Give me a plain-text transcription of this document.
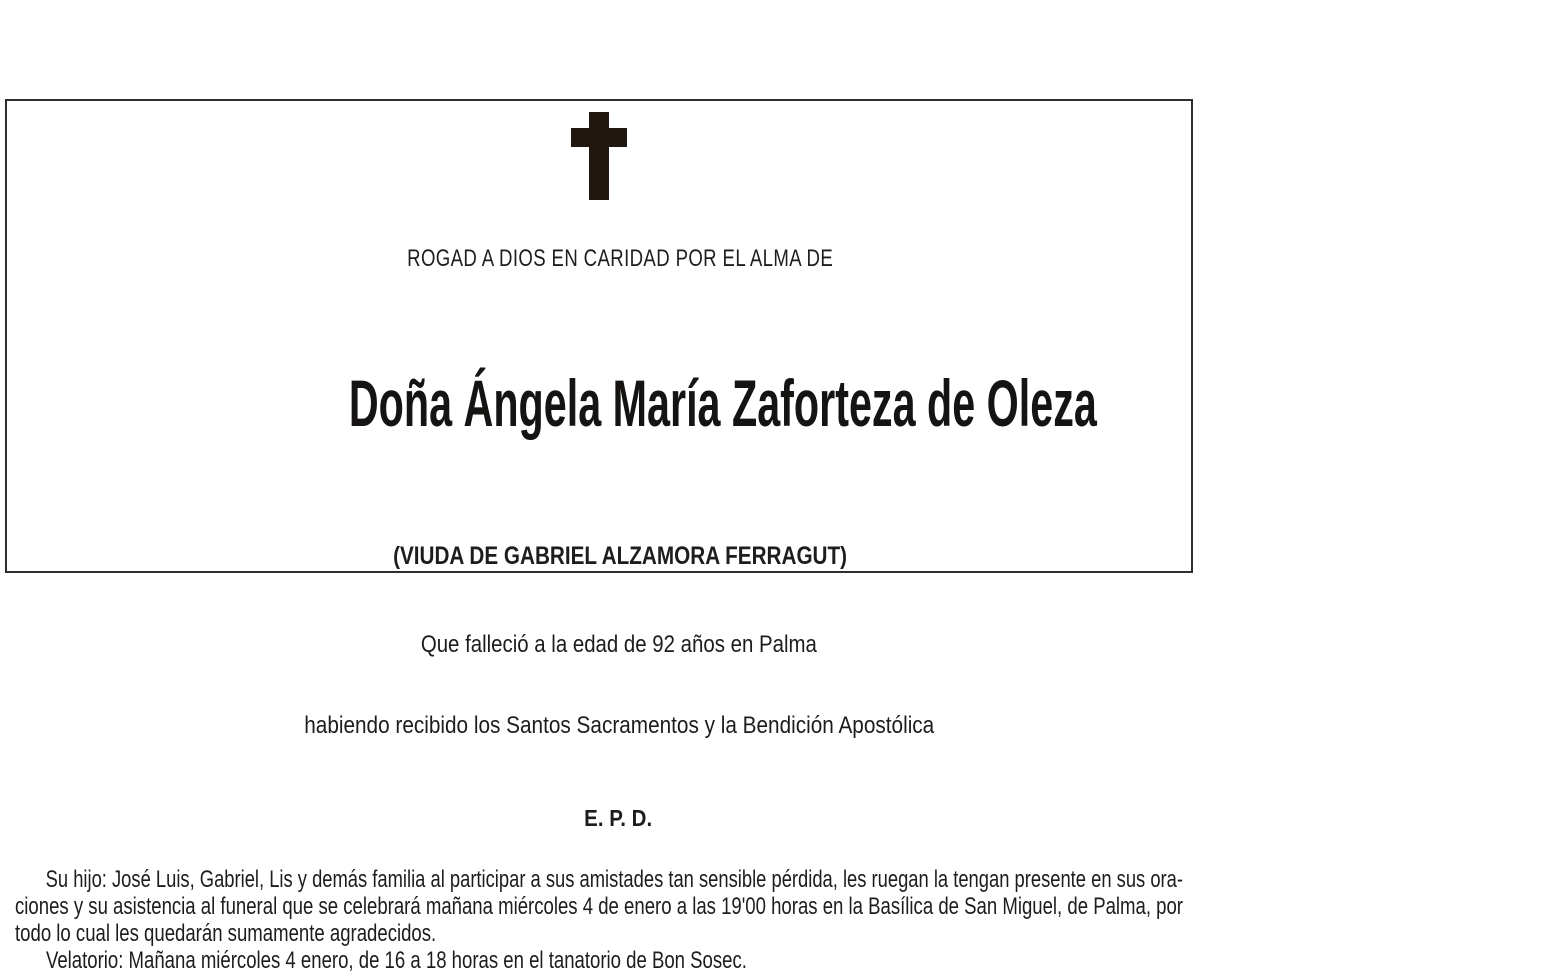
ROGAD A DIOS EN CARIDAD POR EL ALMA DE

Doña Ángela María Zaforteza de Oleza

(VIUDA DE GABRIEL ALZAMORA FERRAGUT)

Que falleció a la edad de 92 años en Palma

habiendo recibido los Santos Sacramentos y la Bendición Apostólica

E. P. D.

Su hijo: José Luis, Gabriel, Lis y demás familia al participar a sus amistades tan sensible pérdida, les ruegan la tengan presente en sus ora-
ciones y su asistencia al funeral que se celebrará mañana miércoles 4 de enero a las 19'00 horas en la Basílica de San Miguel, de Palma, por
todo lo cual les quedarán sumamente agradecidos.
Velatorio: Mañana miércoles 4 enero, de 16 a 18 horas en el tanatorio de Bon Sosec.
